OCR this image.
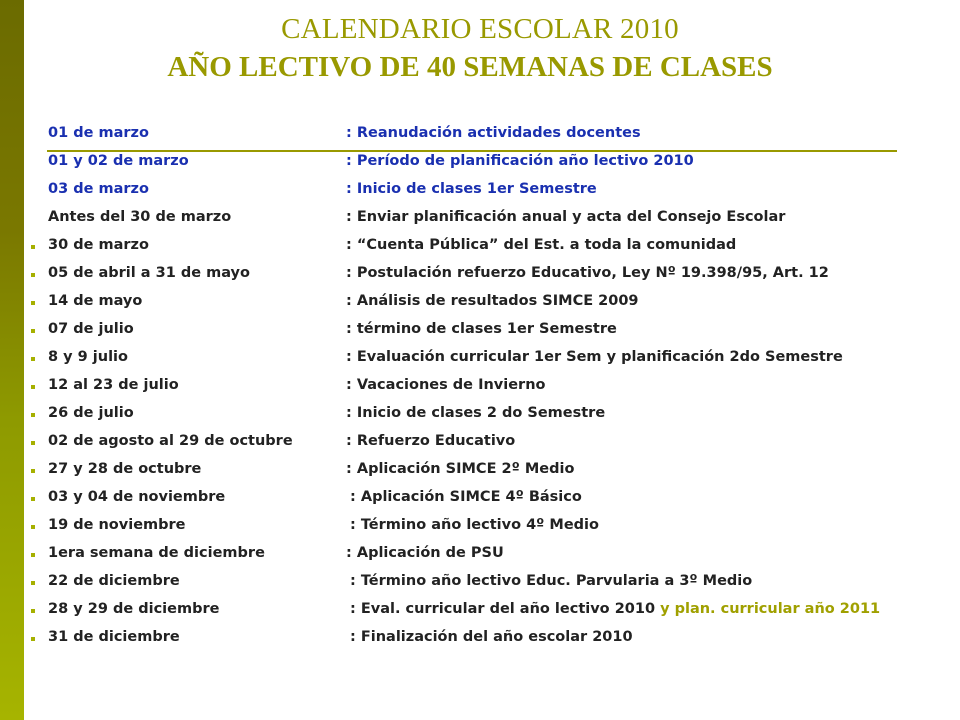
CALENDARIO ESCOLAR 2010
AÑO LECTIVO DE 40 SEMANAS DE CLASES
01 de marzo	: Reanudación actividades docentes
01 y 02 de marzo	: Período de planificación año lectivo 2010
03 de marzo	: Inicio de clases 1er Semestre
Antes del 30 de marzo	: Enviar planificación anual y acta del Consejo Escolar
30 de marzo	: “Cuenta Pública” del Est. a toda la comunidad
05 de abril a 31 de mayo	: Postulación refuerzo Educativo, Ley Nº 19.398/95, Art. 12
14 de mayo	: Análisis de resultados SIMCE 2009
07 de julio	: término de clases 1er Semestre
8 y 9 julio	: Evaluación curricular 1er Sem y planificación 2do Semestre
12 al 23 de julio	: Vacaciones de Invierno
26 de julio	: Inicio de clases 2 do Semestre
02 de agosto al 29 de octubre	: Refuerzo Educativo
27 y 28 de octubre	: Aplicación SIMCE 2º Medio
03 y 04 de noviembre	: Aplicación SIMCE 4º Básico
19 de noviembre	: Término año lectivo 4º Medio
1era semana de diciembre	: Aplicación de PSU
22 de diciembre	: Término año lectivo Educ. Parvularia a 3º Medio
28 y 29 de diciembre	: Eval. curricular del año lectivo 2010 y plan. curricular año 2011
31 de diciembre	: Finalización del año escolar 2010
